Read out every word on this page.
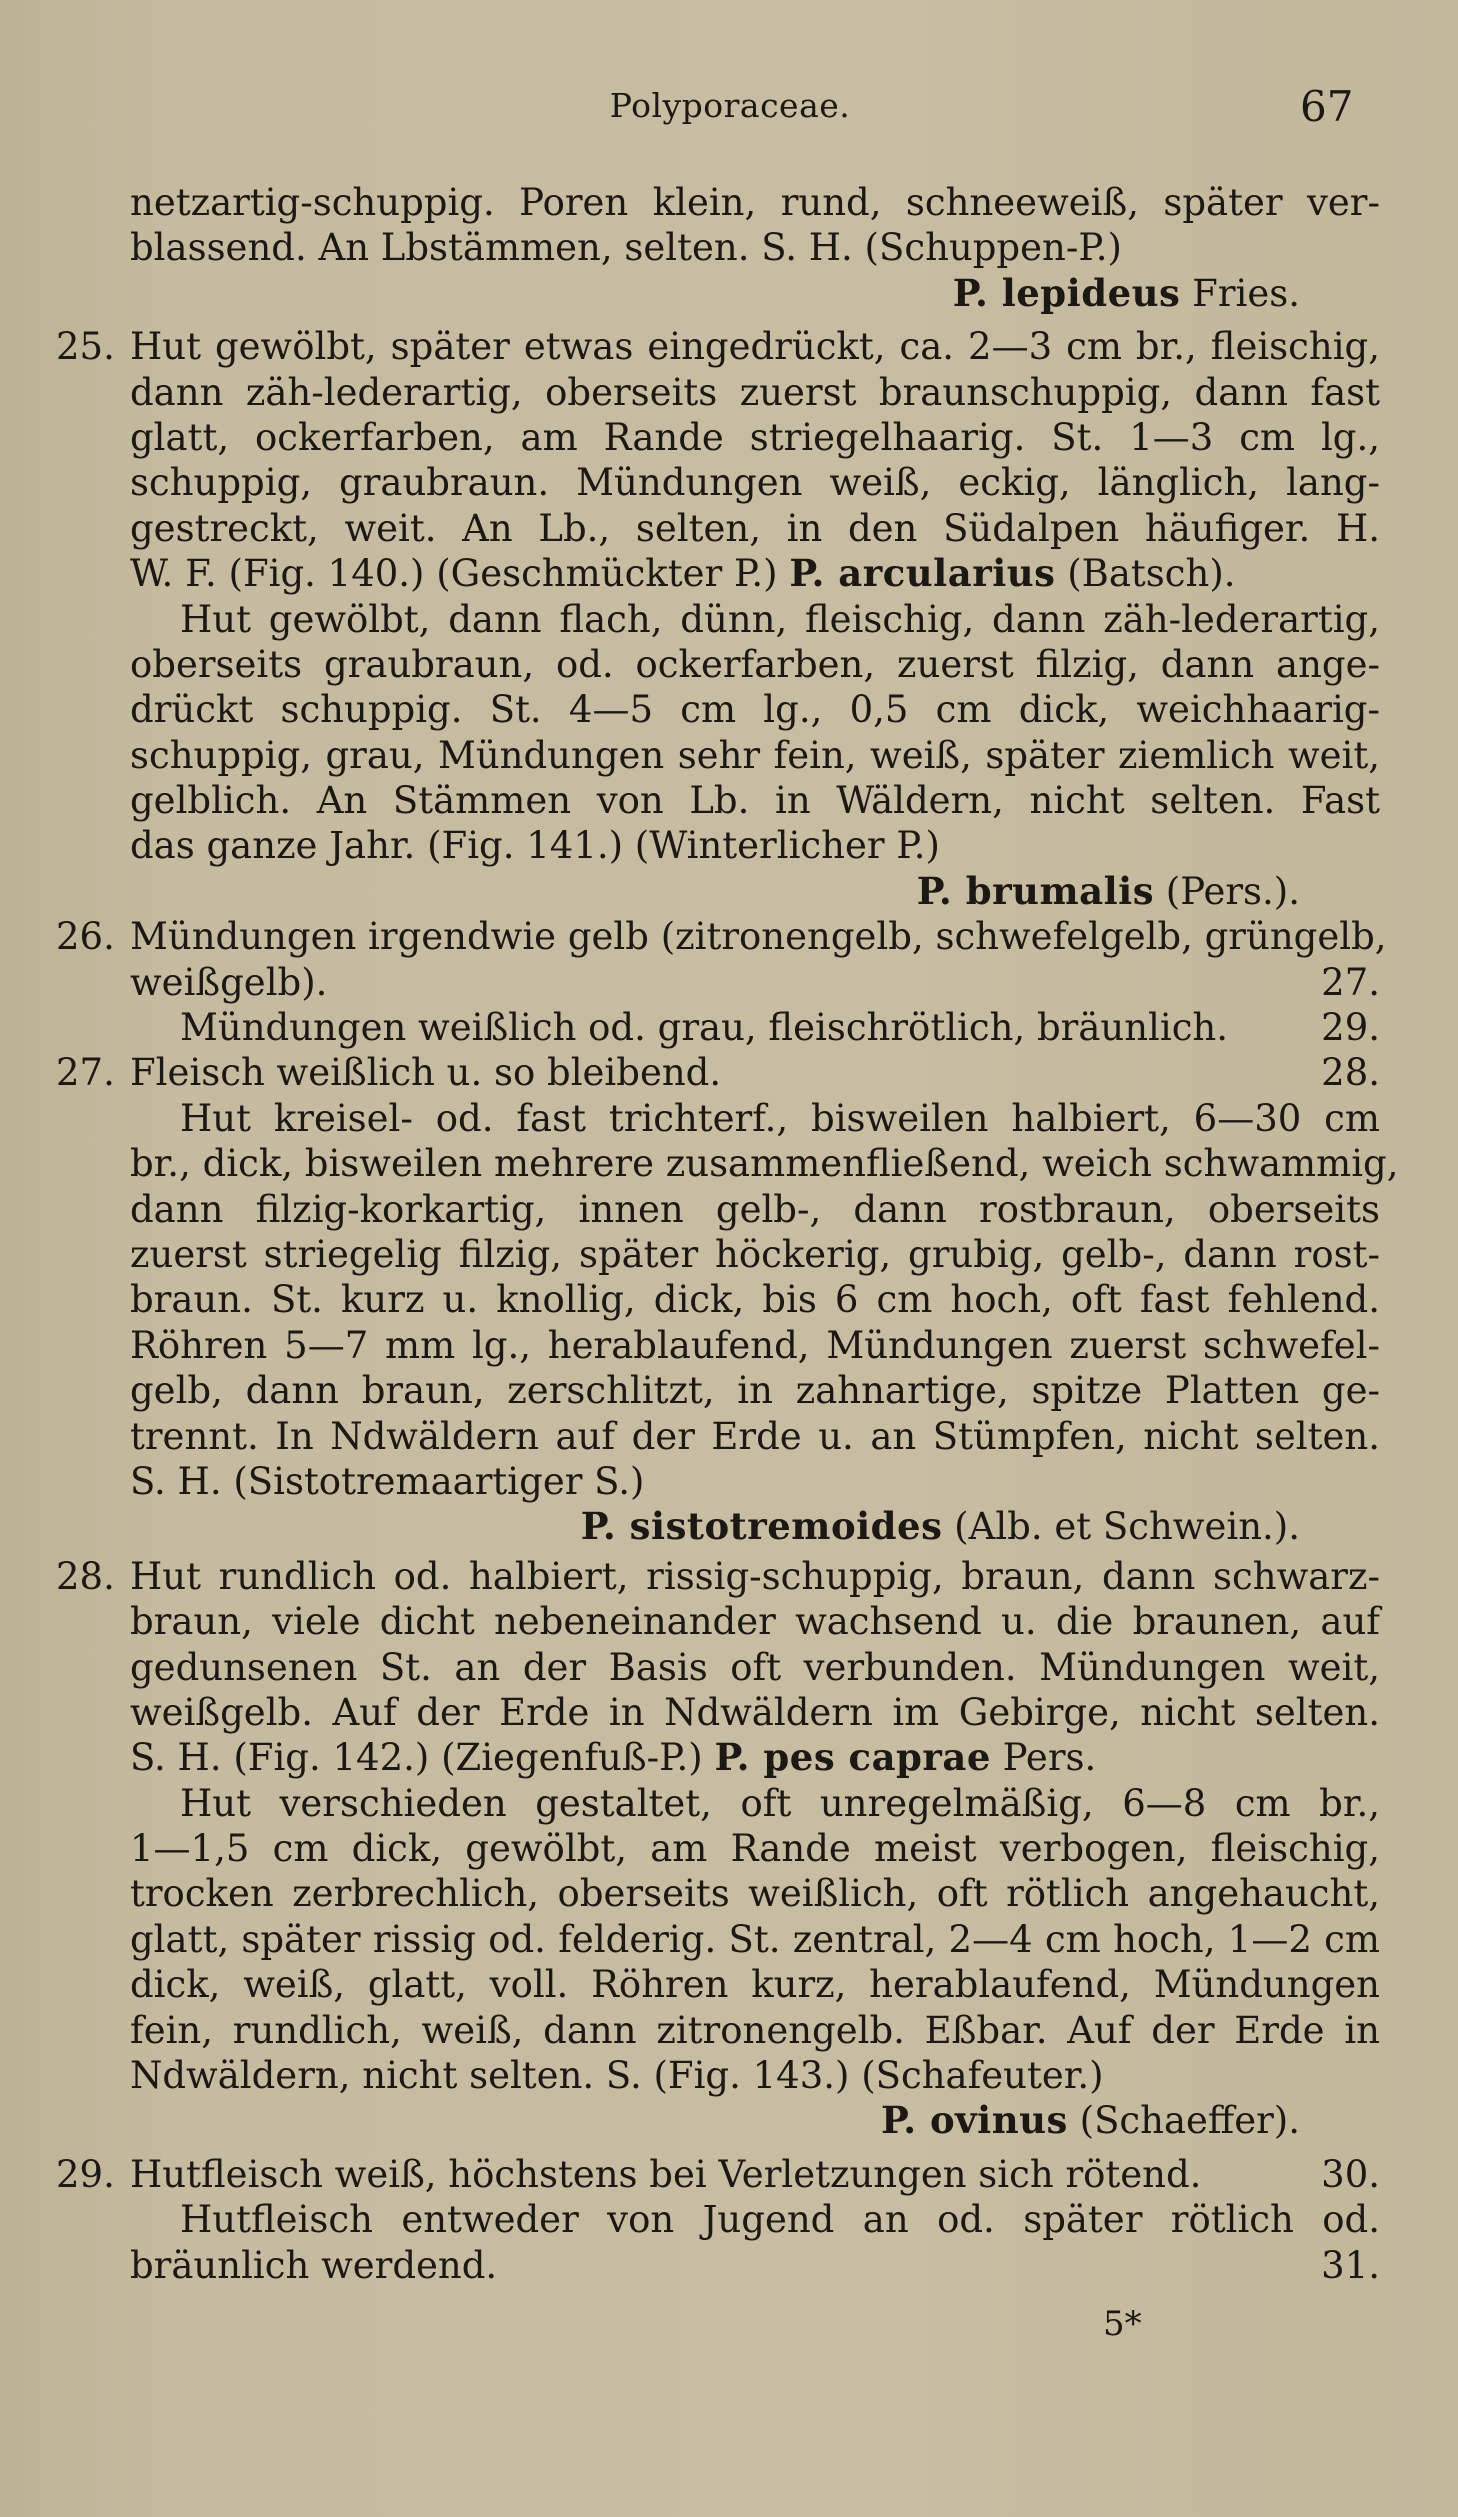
Polyporaceae.	67
netzartig-schuppig. Poren klein, rund, schneeweiß, später ver-
blassend. An Lbstämmen, selten. S. H. (Schuppen-P.)
P. lepideus Fries.
25. Hut gewölbt, später etwas eingedrückt, ca. 2—3 cm br., fleischig,
dann zäh-lederartig, oberseits zuerst braunschuppig, dann fast
glatt, ockerfarben, am Rande striegelhaarig. St. 1—3 cm lg.,
schuppig, graubraun. Mündungen weiß, eckig, länglich, lang-
gestreckt, weit. An Lb., selten, in den Südalpen häufiger. H.
W. F. (Fig. 140.) (Geschmückter P.) P. arcularius (Batsch).
Hut gewölbt, dann flach, dünn, fleischig, dann zäh-lederartig,
oberseits graubraun, od. ockerfarben, zuerst filzig, dann ange-
drückt schuppig. St. 4—5 cm lg., 0,5 cm dick, weichhaarig-
schuppig, grau, Mündungen sehr fein, weiß, später ziemlich weit,
gelblich. An Stämmen von Lb. in Wäldern, nicht selten. Fast
das ganze Jahr. (Fig. 141.) (Winterlicher P.)
P. brumalis (Pers.).
26. Mündungen irgendwie gelb (zitronengelb, schwefelgelb, grüngelb,
weißgelb).	27.
Mündungen weißlich od. grau, fleischrötlich, bräunlich.	29.
27. Fleisch weißlich u. so bleibend.	28.
Hut kreisel- od. fast trichterf., bisweilen halbiert, 6—30 cm
br., dick, bisweilen mehrere zusammenfließend, weich schwammig,
dann filzig-korkartig, innen gelb-, dann rostbraun, oberseits
zuerst striegelig filzig, später höckerig, grubig, gelb-, dann rost-
braun. St. kurz u. knollig, dick, bis 6 cm hoch, oft fast fehlend.
Röhren 5—7 mm lg., herablaufend, Mündungen zuerst schwefel-
gelb, dann braun, zerschlitzt, in zahnartige, spitze Platten ge-
trennt. In Ndwäldern auf der Erde u. an Stümpfen, nicht selten.
S. H. (Sistotremaartiger S.)
P. sistotremoides (Alb. et Schwein.).
28. Hut rundlich od. halbiert, rissig-schuppig, braun, dann schwarz-
braun, viele dicht nebeneinander wachsend u. die braunen, auf
gedunsenen St. an der Basis oft verbunden. Mündungen weit,
weißgelb. Auf der Erde in Ndwäldern im Gebirge, nicht selten.
S. H. (Fig. 142.) (Ziegenfuß-P.) P. pes caprae Pers.
Hut verschieden gestaltet, oft unregelmäßig, 6—8 cm br.,
1—1,5 cm dick, gewölbt, am Rande meist verbogen, fleischig,
trocken zerbrechlich, oberseits weißlich, oft rötlich angehaucht,
glatt, später rissig od. felderig. St. zentral, 2—4 cm hoch, 1—2 cm
dick, weiß, glatt, voll. Röhren kurz, herablaufend, Mündungen
fein, rundlich, weiß, dann zitronengelb. Eßbar. Auf der Erde in
Ndwäldern, nicht selten. S. (Fig. 143.) (Schafeuter.)
P. ovinus (Schaeffer).
29. Hutfleisch weiß, höchstens bei Verletzungen sich rötend.	30.
Hutfleisch entweder von Jugend an od. später rötlich od.
bräunlich werdend.	31.
5*
